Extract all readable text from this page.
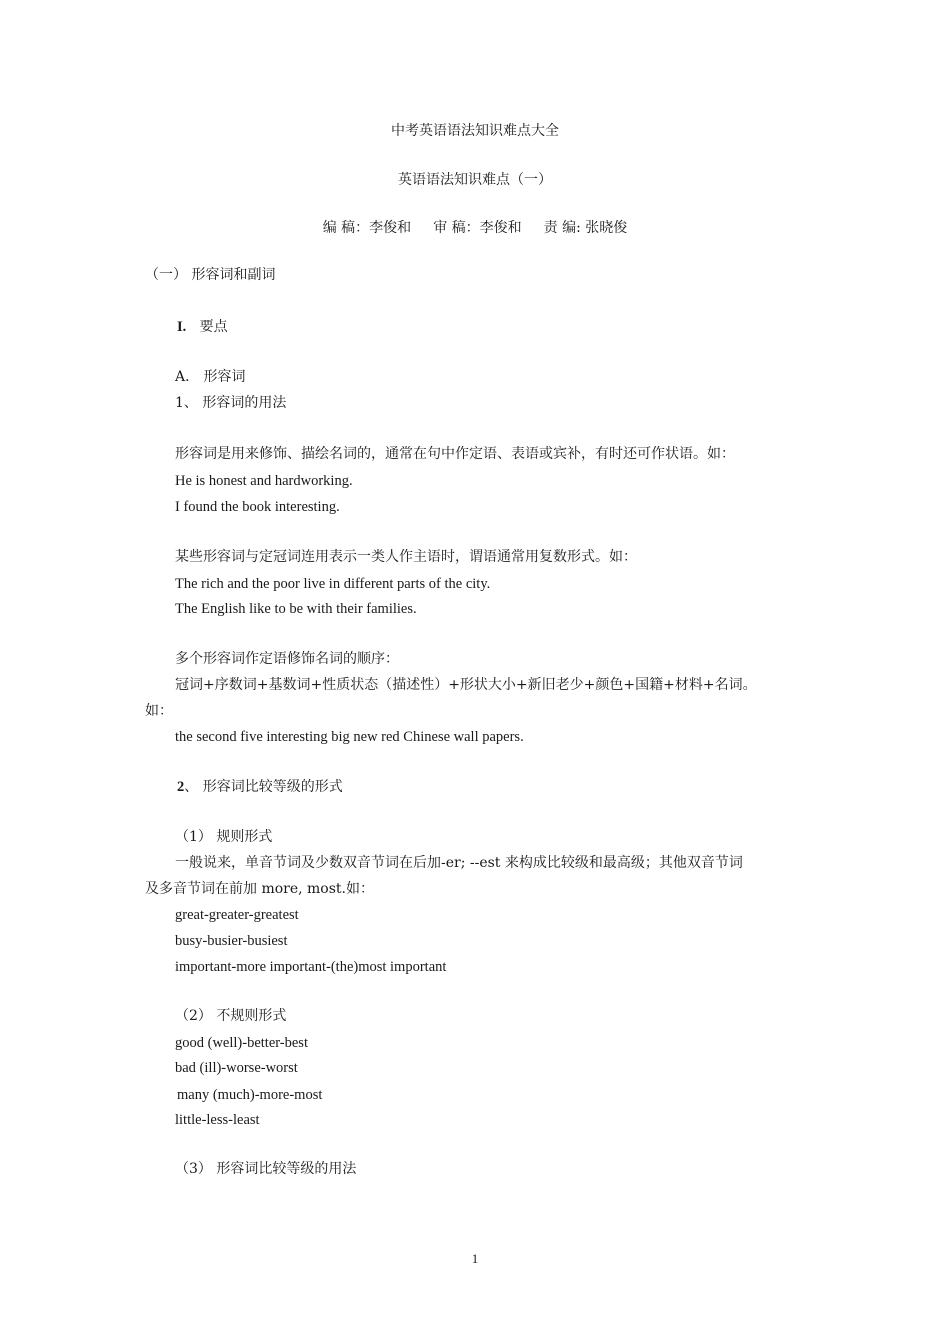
中考英语语法知识难点大全
英语语法知识难点（一）
编 稿：李俊和 审 稿：李俊和 责 编: 张晓俊
（一） 形容词和副词
I. 要点
A． 形容词
1、 形容词的用法
形容词是用来修饰、描绘名词的，通常在句中作定语、表语或宾补，有时还可作状语。如：
He is honest and hardworking.
I found the book interesting.
某些形容词与定冠词连用表示一类人作主语时，谓语通常用复数形式。如：
The rich and the poor live in different parts of the city.
The English like to be with their families.
多个形容词作定语修饰名词的顺序：
冠词+序数词+基数词+性质状态（描述性）+形状大小+新旧老少+颜色+国籍+材料+名词。
如：
the second five interesting big new red Chinese wall papers.
2、 形容词比较等级的形式
（1） 规则形式
一般说来，单音节词及少数双音节词在后加-er; --est 来构成比较级和最高级；其他双音节词
及多音节词在前加 more, most.如：
great-greater-greatest
busy-busier-busiest
important-more important-(the)most important
（2） 不规则形式
good (well)-better-best
bad (ill)-worse-worst
many (much)-more-most
little-less-least
（3） 形容词比较等级的用法
1
